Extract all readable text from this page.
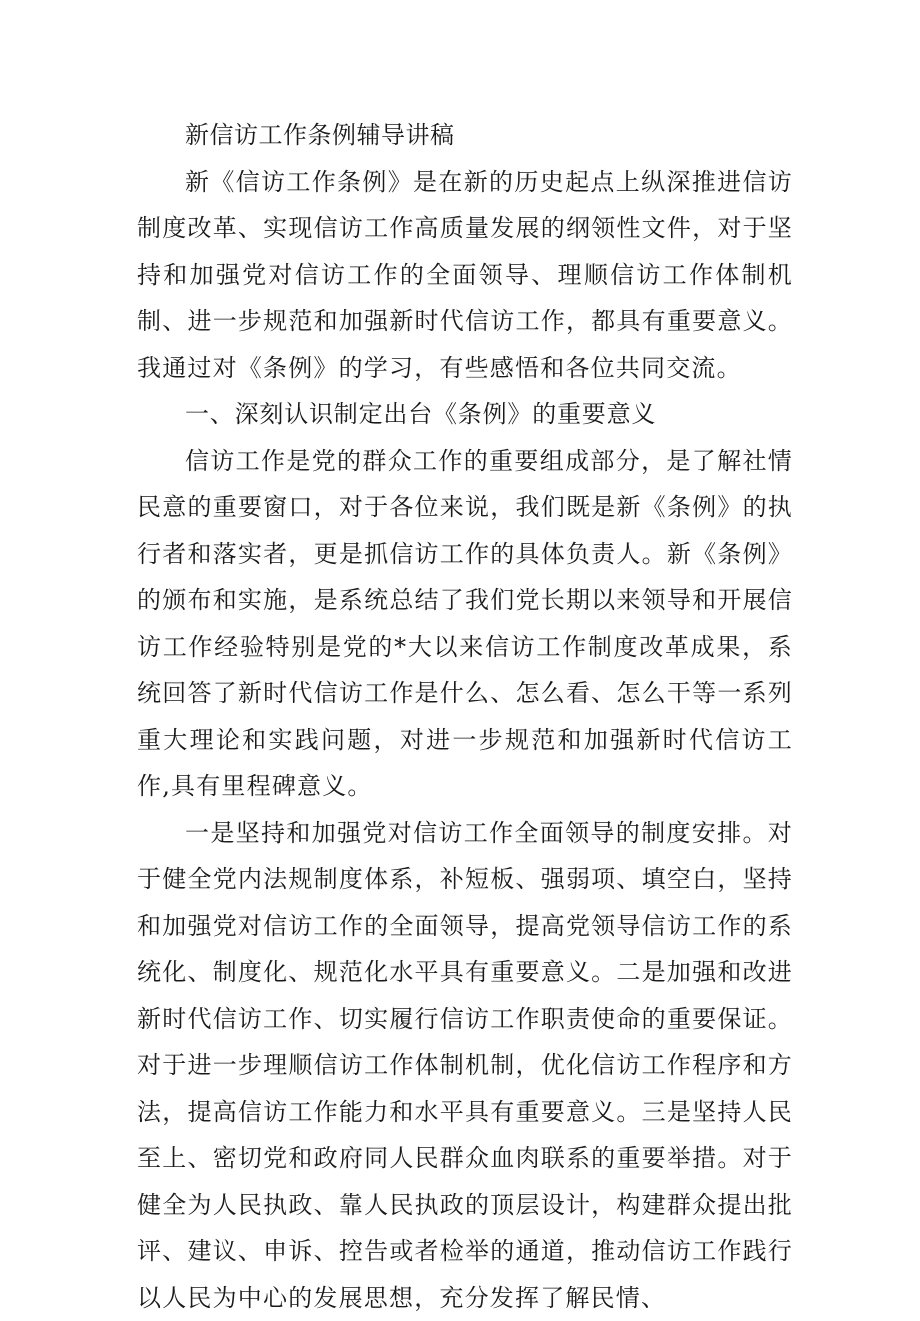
新信访工作条例辅导讲稿

新《信访工作条例》是在新的历史起点上纵深推进信访制度改革、实现信访工作高质量发展的纲领性文件，对于坚持和加强党对信访工作的全面领导、理顺信访工作体制机制、进一步规范和加强新时代信访工作，都具有重要意义。我通过对《条例》的学习，有些感悟和各位共同交流。

一、深刻认识制定出台《条例》的重要意义

信访工作是党的群众工作的重要组成部分，是了解社情民意的重要窗口，对于各位来说，我们既是新《条例》的执行者和落实者，更是抓信访工作的具体负责人。新《条例》的颁布和实施，是系统总结了我们党长期以来领导和开展信访工作经验特别是党的*大以来信访工作制度改革成果，系统回答了新时代信访工作是什么、怎么看、怎么干等一系列重大理论和实践问题，对进一步规范和加强新时代信访工作,具有里程碑意义。

一是坚持和加强党对信访工作全面领导的制度安排。对于健全党内法规制度体系，补短板、强弱项、填空白，坚持和加强党对信访工作的全面领导，提高党领导信访工作的系统化、制度化、规范化水平具有重要意义。二是加强和改进新时代信访工作、切实履行信访工作职责使命的重要保证。对于进一步理顺信访工作体制机制，优化信访工作程序和方法，提高信访工作能力和水平具有重要意义。三是坚持人民至上、密切党和政府同人民群众血肉联系的重要举措。对于健全为人民执政、靠人民执政的顶层设计，构建群众提出批评、建议、申诉、控告或者检举的通道，推动信访工作践行以人民为中心的发展思想，充分发挥了解民情、
